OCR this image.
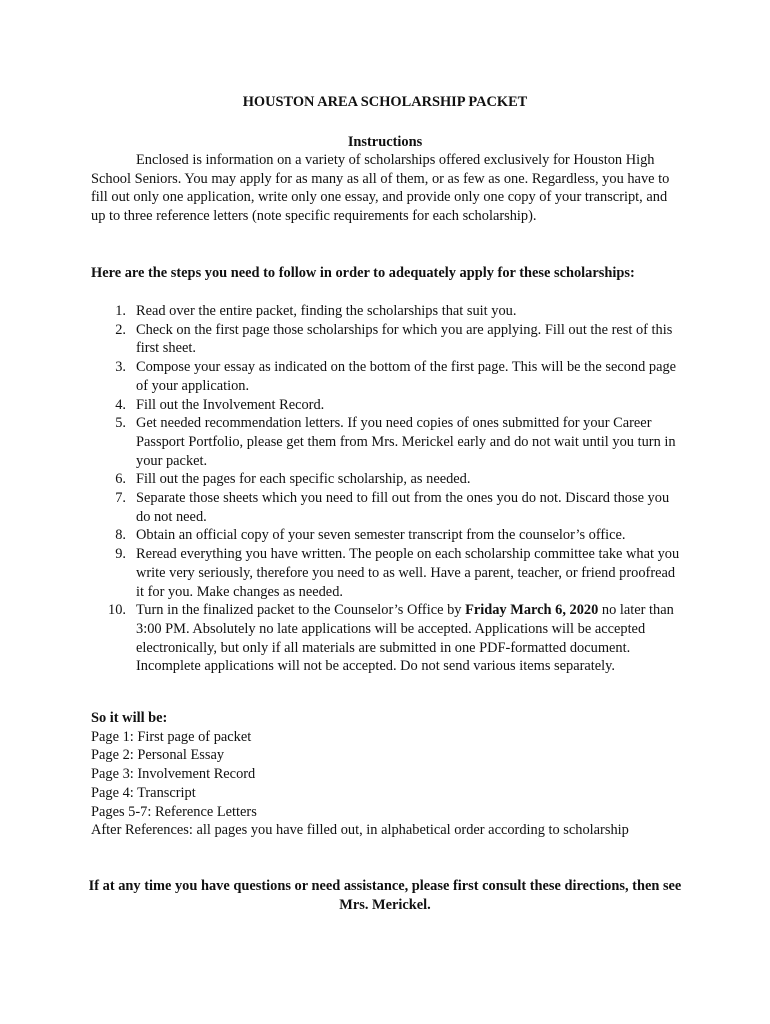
HOUSTON AREA SCHOLARSHIP PACKET
Instructions

Enclosed is information on a variety of scholarships offered exclusively for Houston High School Seniors. You may apply for as many as all of them, or as few as one. Regardless, you have to fill out only one application, write only one essay, and provide only one copy of your transcript, and up to three reference letters (note specific requirements for each scholarship).

Here are the steps you need to follow in order to adequately apply for these scholarships:
1. Read over the entire packet, finding the scholarships that suit you.
2. Check on the first page those scholarships for which you are applying. Fill out the rest of this first sheet.
3. Compose your essay as indicated on the bottom of the first page. This will be the second page of your application.
4. Fill out the Involvement Record.
5. Get needed recommendation letters. If you need copies of ones submitted for your Career Passport Portfolio, please get them from Mrs. Merickel early and do not wait until you turn in your packet.
6. Fill out the pages for each specific scholarship, as needed.
7. Separate those sheets which you need to fill out from the ones you do not. Discard those you do not need.
8. Obtain an official copy of your seven semester transcript from the counselor’s office.
9. Reread everything you have written. The people on each scholarship committee take what you write very seriously, therefore you need to as well. Have a parent, teacher, or friend proofread it for you. Make changes as needed.
10. Turn in the finalized packet to the Counselor’s Office by Friday March 6, 2020 no later than 3:00 PM. Absolutely no late applications will be accepted. Applications will be accepted electronically, but only if all materials are submitted in one PDF-formatted document. Incomplete applications will not be accepted. Do not send various items separately.
So it will be:
Page 1: First page of packet
Page 2: Personal Essay
Page 3: Involvement Record
Page 4: Transcript
Pages 5-7: Reference Letters
After References: all pages you have filled out, in alphabetical order according to scholarship
If at any time you have questions or need assistance, please first consult these directions, then see Mrs. Merickel.
